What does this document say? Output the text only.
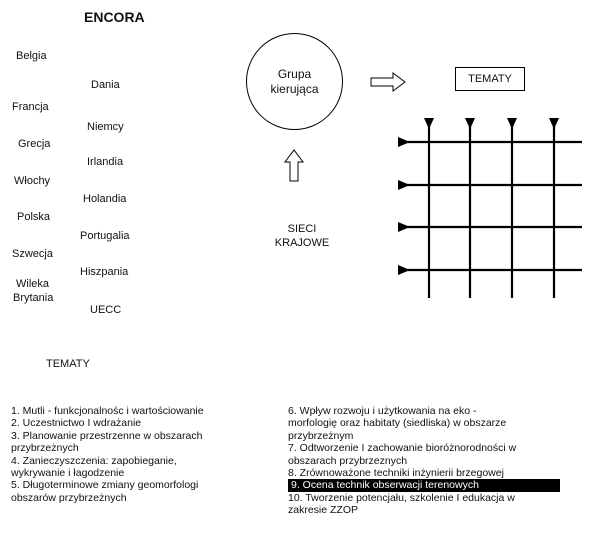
ENCORA
Belgia
Francja
Grecja
Włochy
Polska
Szwecja
Wileka
Brytania
Dania
Niemcy
Irlandia
Holandia
Portugalia
Hiszpania
UECC
Grupa
kierująca
TEMATY
SIECI
KRAJOWE
TEMATY
1. Mutli - funkcjonalnośc i wartościowanie
2. Uczestnictwo I wdrażanie
3. Planowanie przestrzenne w obszarach
przybrzeżnych
4. Zanieczyszczenia: zapobieganie,
wykrywanie i łagodzenie
5. Długoterminowe zmiany geomorfologi
obszarów przybrzeżnych
6. Wpływ rozwoju i użytkowania na eko -
morfologię oraz habitaty (siedliska) w obszarze
przybrzeżnym
7. Odtworzenie I zachowanie bioróżnorodności w
obszarach przybrzeznych
8. Zrównoważone techniki inżynierii brzegowej
9. Ocena technik obserwacji terenowych
10. Tworzenie potencjału, szkolenie I edukacja w
zakresie ZZOP
